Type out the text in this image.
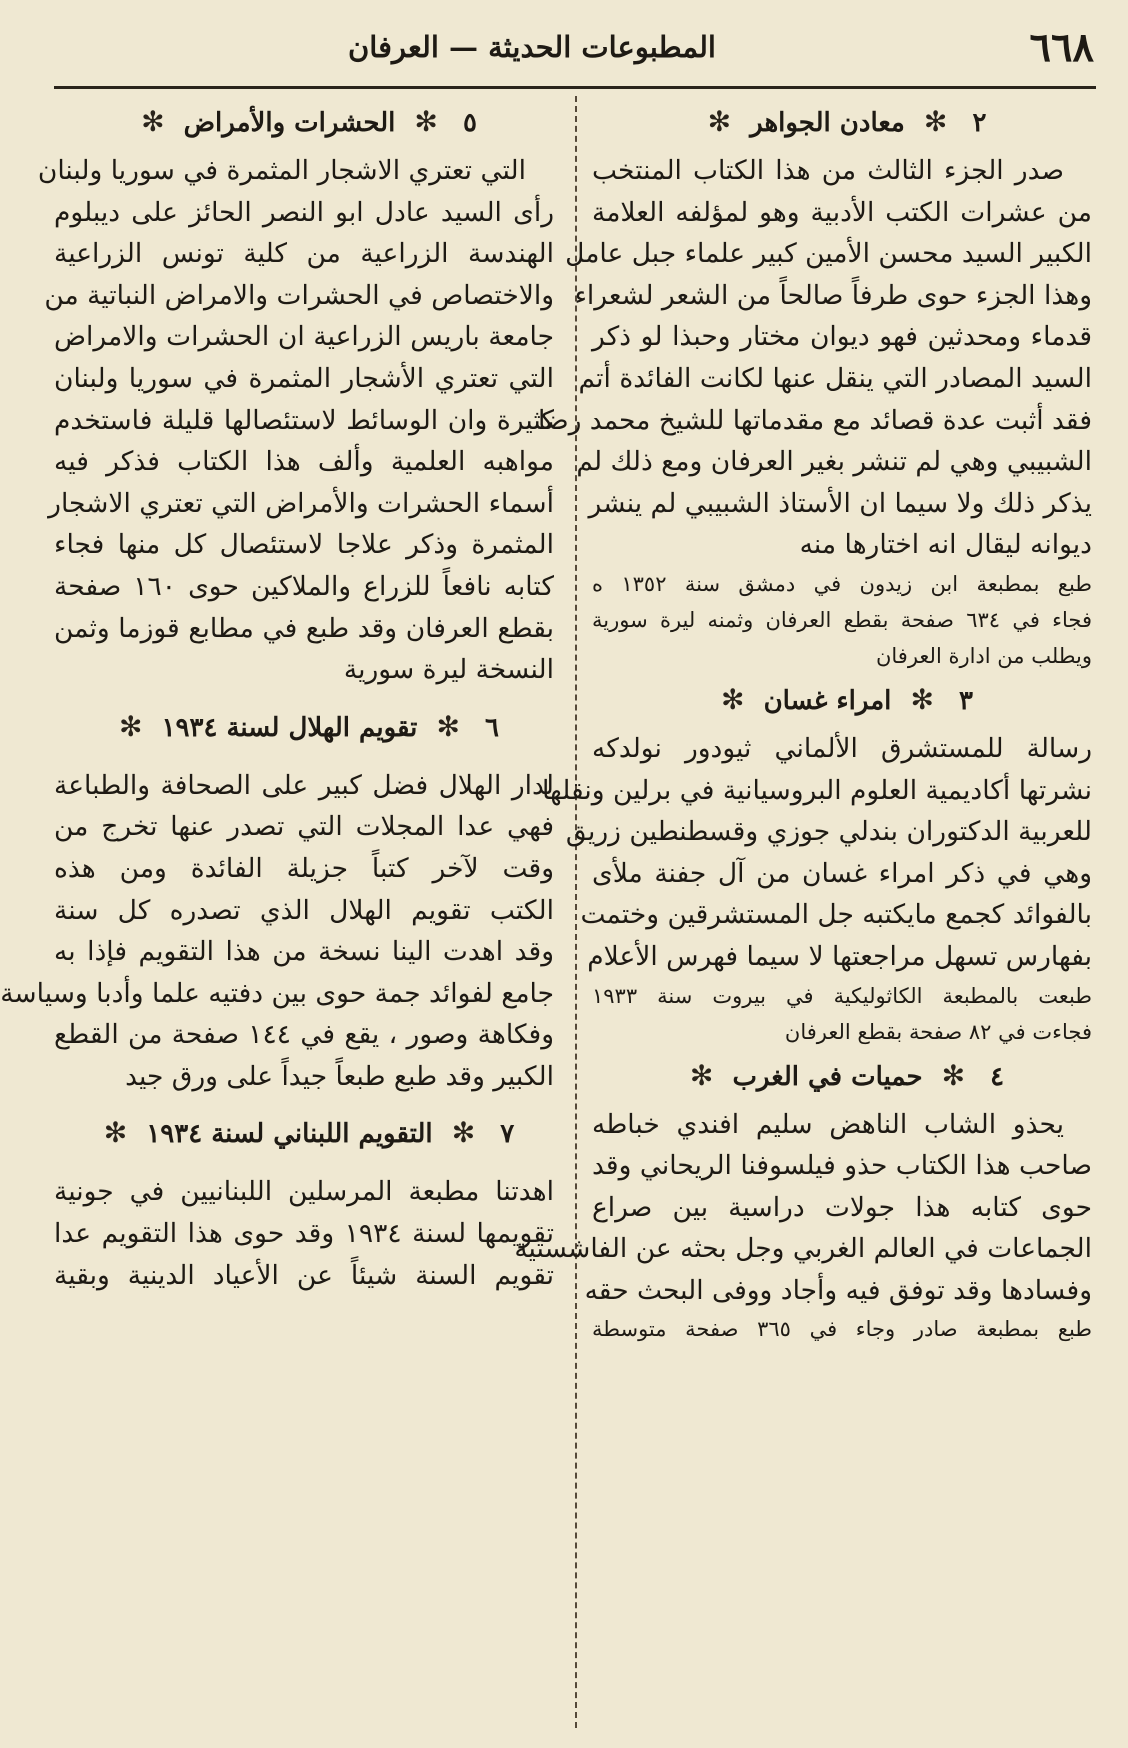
٦٦٨
المطبوعات الحديثة — العرفان
٢ ✻ معادن الجواهر ✻

صدر الجزء الثالث من هذا الكتاب المنتخب

من عشرات الكتب الأدبية وهو لمؤلفه العلامة

الكبير السيد محسن الأمين كبير علماء جبل عامل

وهذا الجزء حوى طرفاً صالحاً من الشعر لشعراء

قدماء ومحدثين فهو ديوان مختار وحبذا لو ذكر

السيد المصادر التي ينقل عنها لكانت الفائدة أتم

فقد أثبت عدة قصائد مع مقدماتها للشيخ محمد رضا

الشبيبي وهي لم تنشر بغير العرفان ومع ذلك لم

يذكر ذلك ولا سيما ان الأستاذ الشبيبي لم ينشر

ديوانه ليقال انه اختارها منه

طبع بمطبعة ابن زيدون في دمشق سنة ١٣٥٢ ه

فجاء في ٦٣٤ صفحة بقطع العرفان وثمنه ليرة سورية

ويطلب من ادارة العرفان

٣ ✻ امراء غسان ✻

رسالة للمستشرق الألماني ثيودور نولدكه

نشرتها أكاديمية العلوم البروسيانية في برلين ونقلها

للعربية الدكتوران بندلي جوزي وقسطنطين زريق

وهي في ذكر امراء غسان من آل جفنة ملأى

بالفوائد كجمع مايكتبه جل المستشرقين وختمت

بفهارس تسهل مراجعتها لا سيما فهرس الأعلام

طبعت بالمطبعة الكاثوليكية في بيروت سنة ١٩٣٣

فجاءت في ٨٢ صفحة بقطع العرفان

٤ ✻ حميات في الغرب ✻

يحذو الشاب الناهض سليم افندي خباطه

صاحب هذا الكتاب حذو فيلسوفنا الريحاني وقد

حوى كتابه هذا جولات دراسية بين صراع

الجماعات في العالم الغربي وجل بحثه عن الفاشستية

وفسادها وقد توفق فيه وأجاد ووفى البحث حقه

طبع بمطبعة صادر وجاء في ٣٦٥ صفحة متوسطة

٥ ✻ الحشرات والأمراض ✻

التي تعتري الاشجار المثمرة في سوريا ولبنان

رأى السيد عادل ابو النصر الحائز على ديبلوم

الهندسة الزراعية من كلية تونس الزراعية

والاختصاص في الحشرات والامراض النباتية من

جامعة باريس الزراعية ان الحشرات والامراض

التي تعتري الأشجار المثمرة في سوريا ولبنان

كثيرة وان الوسائط لاستئصالها قليلة فاستخدم

مواهبه العلمية وألف هذا الكتاب فذكر فيه

أسماء الحشرات والأمراض التي تعتري الاشجار

المثمرة وذكر علاجا لاستئصال كل منها فجاء

كتابه نافعاً للزراع والملاكين حوى ١٦٠ صفحة

بقطع العرفان وقد طبع في مطابع قوزما وثمن

النسخة ليرة سورية

٦ ✻ تقويم الهلال لسنة ١٩٣٤ ✻

لدار الهلال فضل كبير على الصحافة والطباعة

فهي عدا المجلات التي تصدر عنها تخرج من

وقت لآخر كتباً جزيلة الفائدة ومن هذه

الكتب تقويم الهلال الذي تصدره كل سنة

وقد اهدت الينا نسخة من هذا التقويم فإذا به

جامع لفوائد جمة حوى بين دفتيه علما وأدبا وسياسة

وفكاهة وصور ، يقع في ١٤٤ صفحة من القطع

الكبير وقد طبع طبعاً جيداً على ورق جيد

٧ ✻ التقويم اللبناني لسنة ١٩٣٤ ✻

اهدتنا مطبعة المرسلين اللبنانيين في جونية

تقويمها لسنة ١٩٣٤ وقد حوى هذا التقويم عدا

تقويم السنة شيئاً عن الأعياد الدينية وبقية
